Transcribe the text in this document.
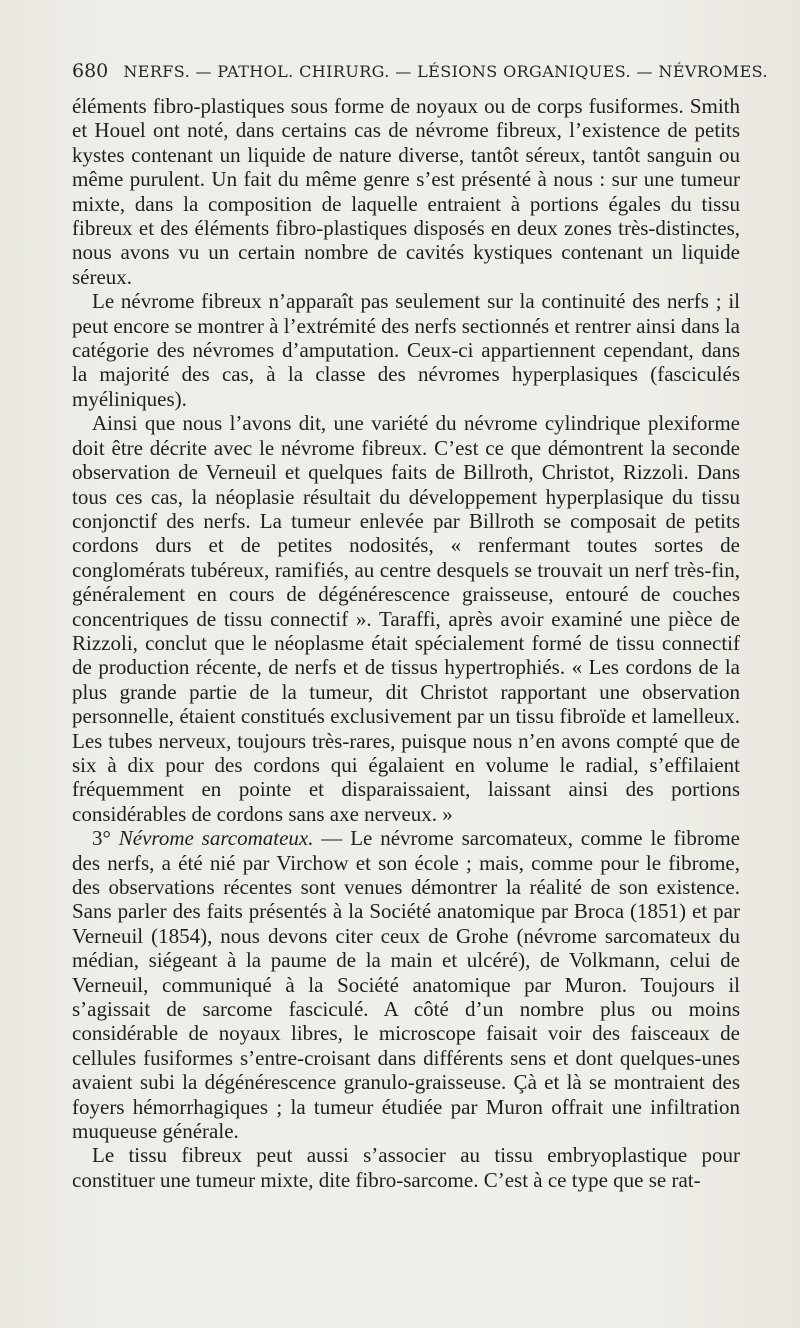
680 NERFS. — PATHOL. CHIRURG. — LÉSIONS ORGANIQUES. — NÉVROMES.

éléments fibro-plastiques sous forme de noyaux ou de corps fusiformes. Smith et Houel ont noté, dans certains cas de névrome fibreux, l’existence de petits kystes contenant un liquide de nature diverse, tantôt séreux, tantôt sanguin ou même purulent. Un fait du même genre s’est présenté à nous : sur une tumeur mixte, dans la composition de laquelle entraient à portions égales du tissu fibreux et des éléments fibro-plastiques disposés en deux zones très-distinctes, nous avons vu un certain nombre de cavités kystiques contenant un liquide séreux.

Le névrome fibreux n’apparaît pas seulement sur la continuité des nerfs ; il peut encore se montrer à l’extrémité des nerfs sectionnés et rentrer ainsi dans la catégorie des névromes d’amputation. Ceux-ci appartiennent cependant, dans la majorité des cas, à la classe des névromes hyperplasiques (fasciculés myéliniques).

Ainsi que nous l’avons dit, une variété du névrome cylindrique plexiforme doit être décrite avec le névrome fibreux. C’est ce que démontrent la seconde observation de Verneuil et quelques faits de Billroth, Christot, Rizzoli. Dans tous ces cas, la néoplasie résultait du développement hyperplasique du tissu conjonctif des nerfs. La tumeur enlevée par Billroth se composait de petits cordons durs et de petites nodosités, « renfermant toutes sortes de conglomérats tubéreux, ramifiés, au centre desquels se trouvait un nerf très-fin, généralement en cours de dégénérescence graisseuse, entouré de couches concentriques de tissu connectif ». Taraffi, après avoir examiné une pièce de Rizzoli, conclut que le néoplasme était spécialement formé de tissu connectif de production récente, de nerfs et de tissus hypertrophiés. « Les cordons de la plus grande partie de la tumeur, dit Christot rapportant une observation personnelle, étaient constitués exclusivement par un tissu fibroïde et lamelleux. Les tubes nerveux, toujours très-rares, puisque nous n’en avons compté que de six à dix pour des cordons qui égalaient en volume le radial, s’effilaient fréquemment en pointe et disparaissaient, laissant ainsi des portions considérables de cordons sans axe nerveux. »

3° Névrome sarcomateux. — Le névrome sarcomateux, comme le fibrome des nerfs, a été nié par Virchow et son école ; mais, comme pour le fibrome, des observations récentes sont venues démontrer la réalité de son existence. Sans parler des faits présentés à la Société anatomique par Broca (1851) et par Verneuil (1854), nous devons citer ceux de Grohe (névrome sarcomateux du médian, siégeant à la paume de la main et ulcéré), de Volkmann, celui de Verneuil, communiqué à la Société anatomique par Muron. Toujours il s’agissait de sarcome fasciculé. A côté d’un nombre plus ou moins considérable de noyaux libres, le microscope faisait voir des faisceaux de cellules fusiformes s’entre-croisant dans différents sens et dont quelques-unes avaient subi la dégénérescence granulo-graisseuse. Çà et là se montraient des foyers hémorrhagiques ; la tumeur étudiée par Muron offrait une infiltration muqueuse générale.

Le tissu fibreux peut aussi s’associer au tissu embryoplastique pour constituer une tumeur mixte, dite fibro-sarcome. C’est à ce type que se rat-
